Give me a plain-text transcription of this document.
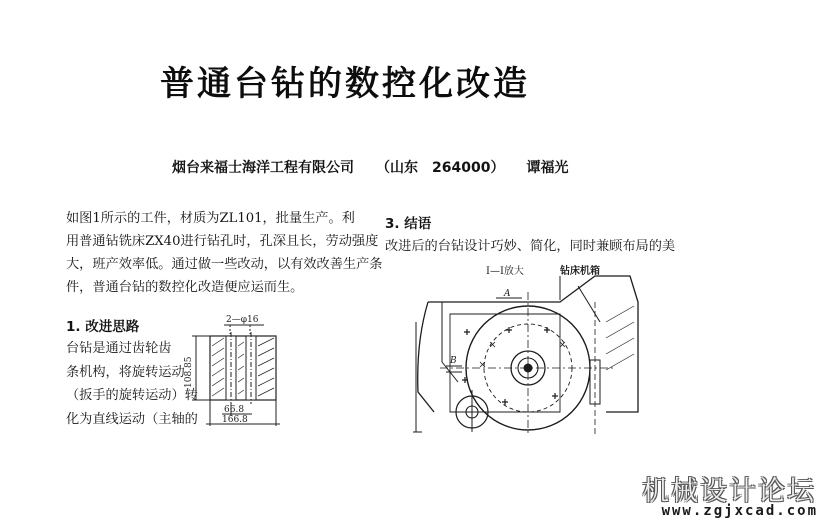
普通台钻的数控化改造
烟台来福士海洋工程有限公司 （山东　264000） 谭福光
如图1所示的工件，材质为ZL101，批量生产。利
用普通钻铣床ZX40进行钻孔时，孔深且长，劳动强度
大，班产效率低。通过做一些改动，以有效改善生产条
件，普通台钻的数控化改造便应运而生。
1. 改进思路
台钻是通过齿轮齿
条机构，将旋转运动
（扳手的旋转运动）转
化为直线运动（主轴的
3. 结语
改进后的台钻设计巧妙、简化，同时兼顾布局的美
2—φ16
108.85
66.8
166.8
Ⅰ—Ⅰ放大	钻床机箱
A
B
机械设计论坛
www.zgjxcad.com
